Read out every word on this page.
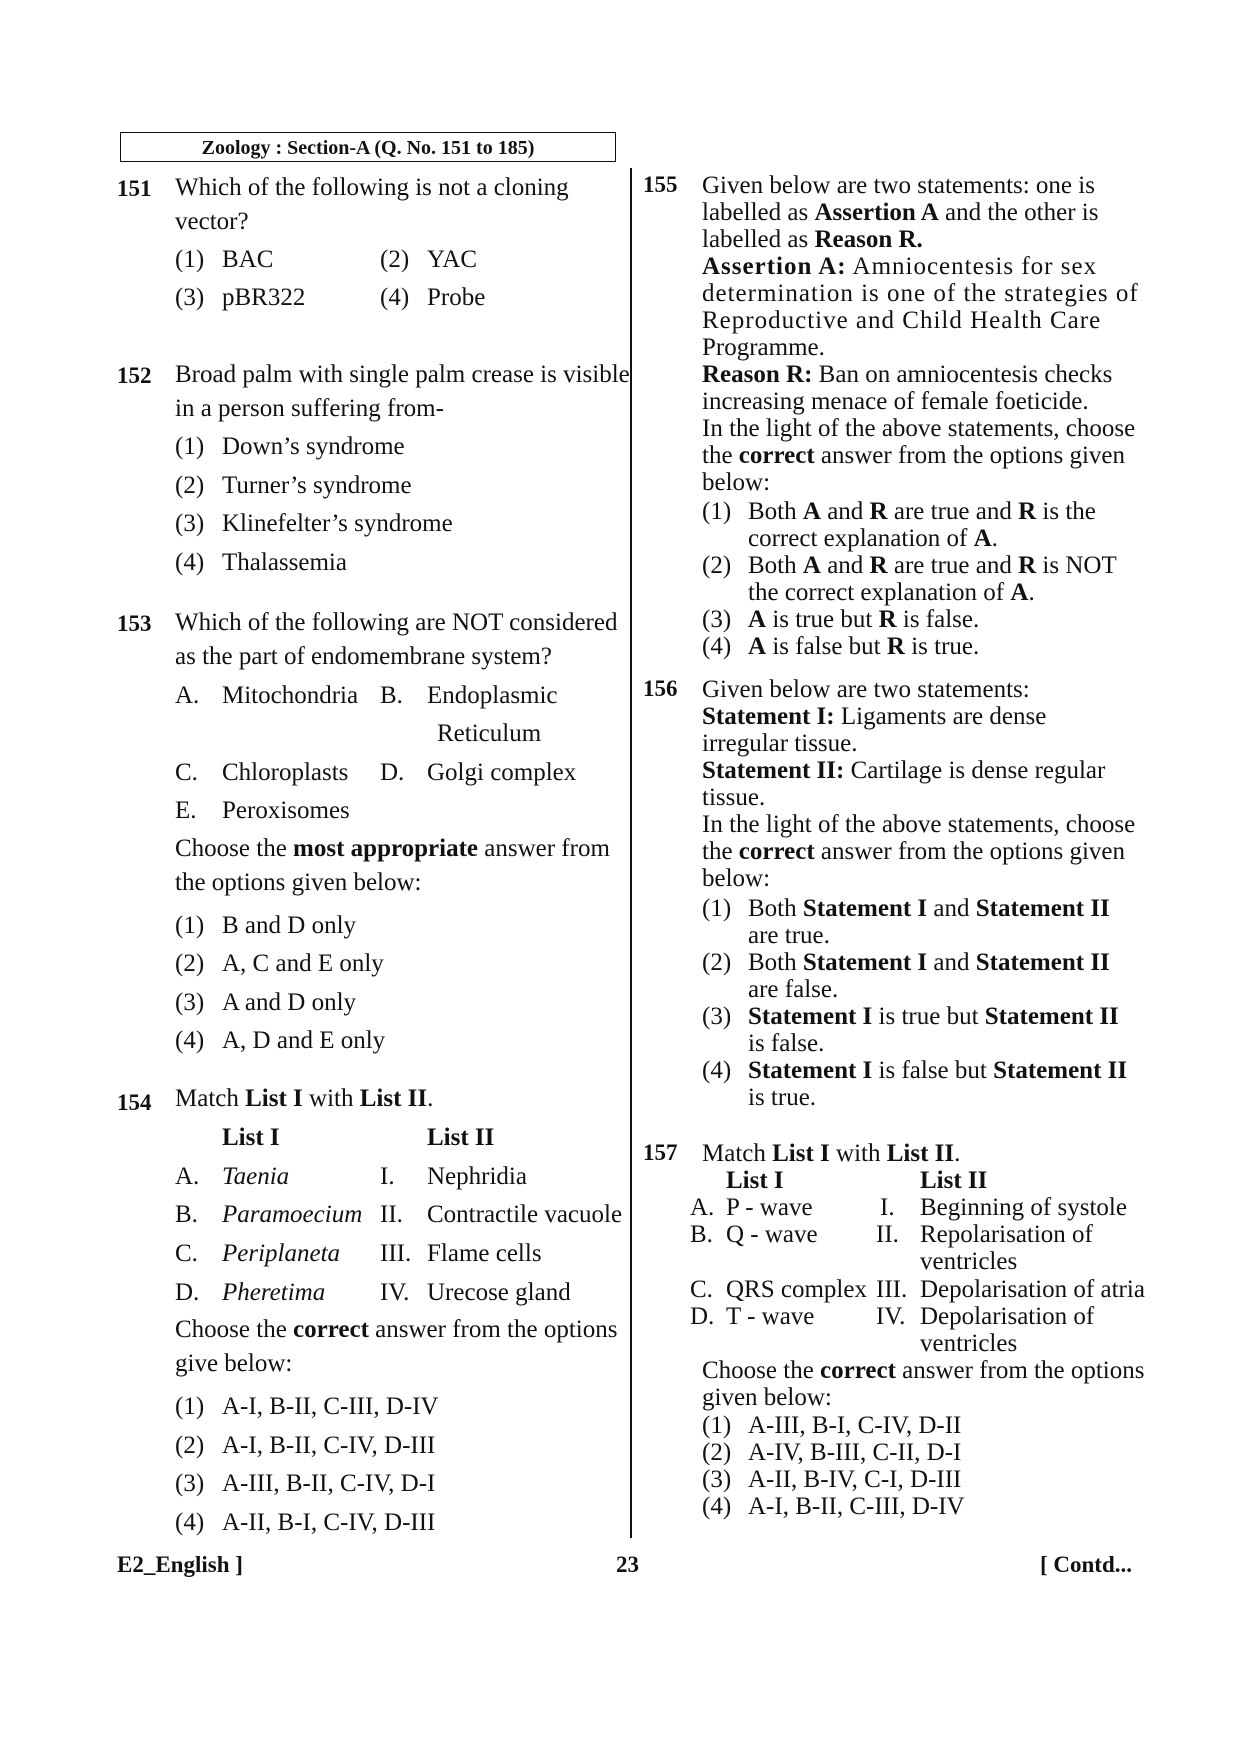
Zoology : Section-A (Q. No. 151 to 185)
151 Which of the following is not a cloning
vector?
(1) BAC	(2) YAC
(3) pBR322	(4) Probe
152 Broad palm with single palm crease is visible
in a person suffering from-
(1) Down’s syndrome
(2) Turner’s syndrome
(3) Klinefelter’s syndrome
(4) Thalassemia
153 Which of the following are NOT considered
as the part of endomembrane system?
A. Mitochondria B. Endoplasmic
Reticulum
C. Chloroplasts D. Golgi complex
E. Peroxisomes
Choose the most appropriate answer from
the options given below:
(1) B and D only
(2) A, C and E only
(3) A and D only
(4) A, D and E only
154 Match List I with List II.
List I	List II
A. Taenia	I. Nephridia
B. Paramoecium II. Contractile vacuole
C. Periplaneta III. Flame cells
D. Pheretima IV. Urecose gland
Choose the correct answer from the options
give below:
(1) A-I, B-II, C-III, D-IV
(2) A-I, B-II, C-IV, D-III
(3) A-III, B-II, C-IV, D-I
(4) A-II, B-I, C-IV, D-III
155 Given below are two statements: one is
labelled as Assertion A and the other is
labelled as Reason R.
Assertion A: Amniocentesis for sex
determination is one of the strategies of
Reproductive and Child Health Care
Programme.
Reason R: Ban on amniocentesis checks
increasing menace of female foeticide.
In the light of the above statements, choose
the correct answer from the options given
below:
(1) Both A and R are true and R is the
correct explanation of A.
(2) Both A and R are true and R is NOT
the correct explanation of A.
(3) A is true but R is false.
(4) A is false but R is true.
156 Given below are two statements:
Statement I: Ligaments are dense
irregular tissue.
Statement II: Cartilage is dense regular
tissue.
In the light of the above statements, choose
the correct answer from the options given
below:
(1) Both Statement I and Statement II
are true.
(2) Both Statement I and Statement II
are false.
(3) Statement I is true but Statement II
is false.
(4) Statement I is false but Statement II
is true.
157 Match List I with List II.
List I	List II
A. P - wave	I. Beginning of systole
B. Q - wave II. Repolarisation of
ventricles
C. QRS complex III. Depolarisation of atria
D. T - wave IV. Depolarisation of
ventricles
Choose the correct answer from the options
given below:
(1) A-III, B-I, C-IV, D-II
(2) A-IV, B-III, C-II, D-I
(3) A-II, B-IV, C-I, D-III
(4) A-I, B-II, C-III, D-IV
E2_English ]	23	[ Contd...
